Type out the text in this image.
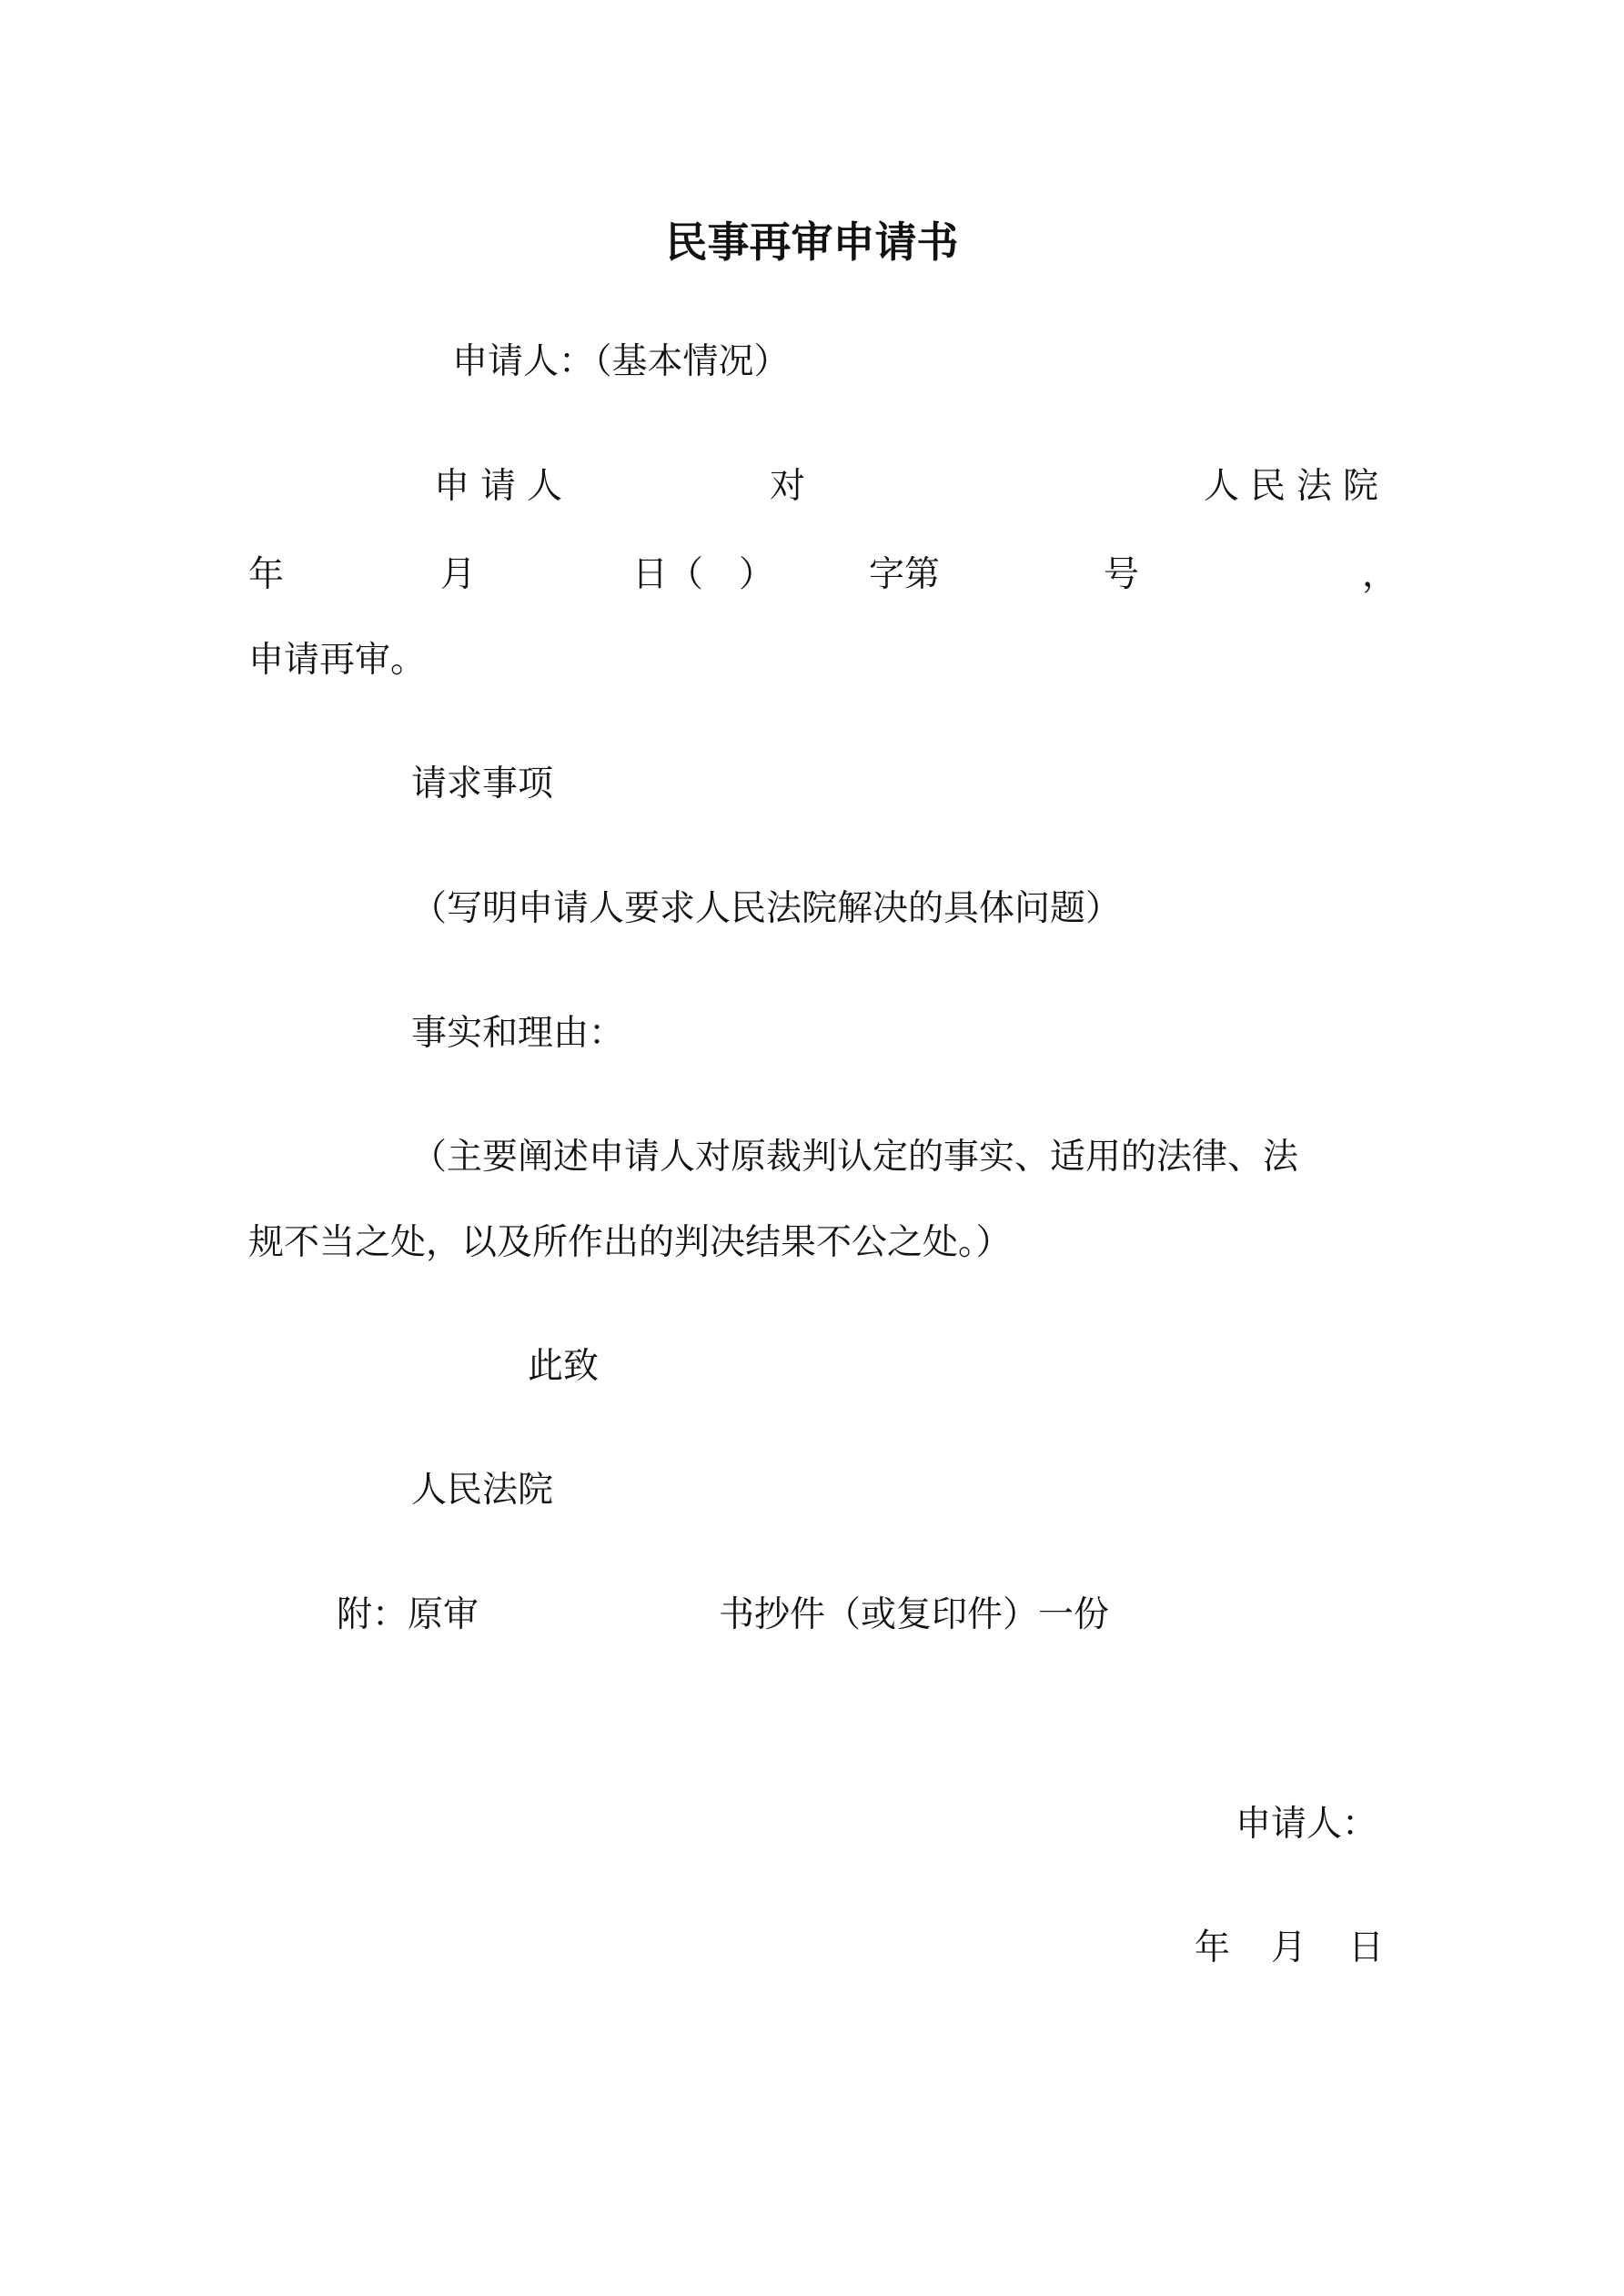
民事再审申请书
申请人：（基本情况）
申请人	对	人民法院
年	月	日（　）	字第	号	，
申请再审。
请求事项
（写明申请人要求人民法院解决的具体问题）
事实和理由：
（主要阐述申请人对原裁判认定的事实、适用的法律、法
规不当之处，以及所作出的判决结果不公之处。）
此致
人民法院
附：原审	书抄件（或复印件）一份
申请人：
年 月 日
